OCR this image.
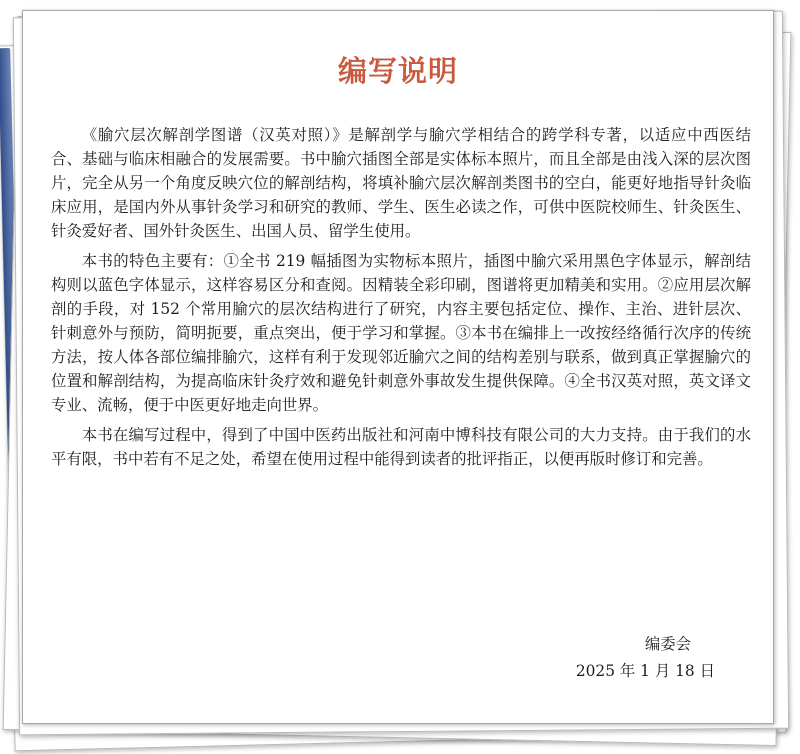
编写说明

《腧穴层次解剖学图谱（汉英对照）》是解剖学与腧穴学相结合的跨学科专著，以适应中西医结合、基础与临床相融合的发展需要。书中腧穴插图全部是实体标本照片，而且全部是由浅入深的层次图片，完全从另一个角度反映穴位的解剖结构，将填补腧穴层次解剖类图书的空白，能更好地指导针灸临床应用，是国内外从事针灸学习和研究的教师、学生、医生必读之作，可供中医院校师生、针灸医生、针灸爱好者、国外针灸医生、出国人员、留学生使用。

本书的特色主要有：①全书 219 幅插图为实物标本照片，插图中腧穴采用黑色字体显示，解剖结构则以蓝色字体显示，这样容易区分和查阅。因精装全彩印刷，图谱将更加精美和实用。②应用层次解剖的手段，对 152 个常用腧穴的层次结构进行了研究，内容主要包括定位、操作、主治、进针层次、针刺意外与预防，简明扼要，重点突出，便于学习和掌握。③本书在编排上一改按经络循行次序的传统方法，按人体各部位编排腧穴，这样有利于发现邻近腧穴之间的结构差别与联系，做到真正掌握腧穴的位置和解剖结构，为提高临床针灸疗效和避免针刺意外事故发生提供保障。④全书汉英对照，英文译文专业、流畅，便于中医更好地走向世界。

本书在编写过程中，得到了中国中医药出版社和河南中博科技有限公司的大力支持。由于我们的水平有限，书中若有不足之处，希望在使用过程中能得到读者的批评指正，以便再版时修订和完善。

编委会
2025 年 1 月 18 日
